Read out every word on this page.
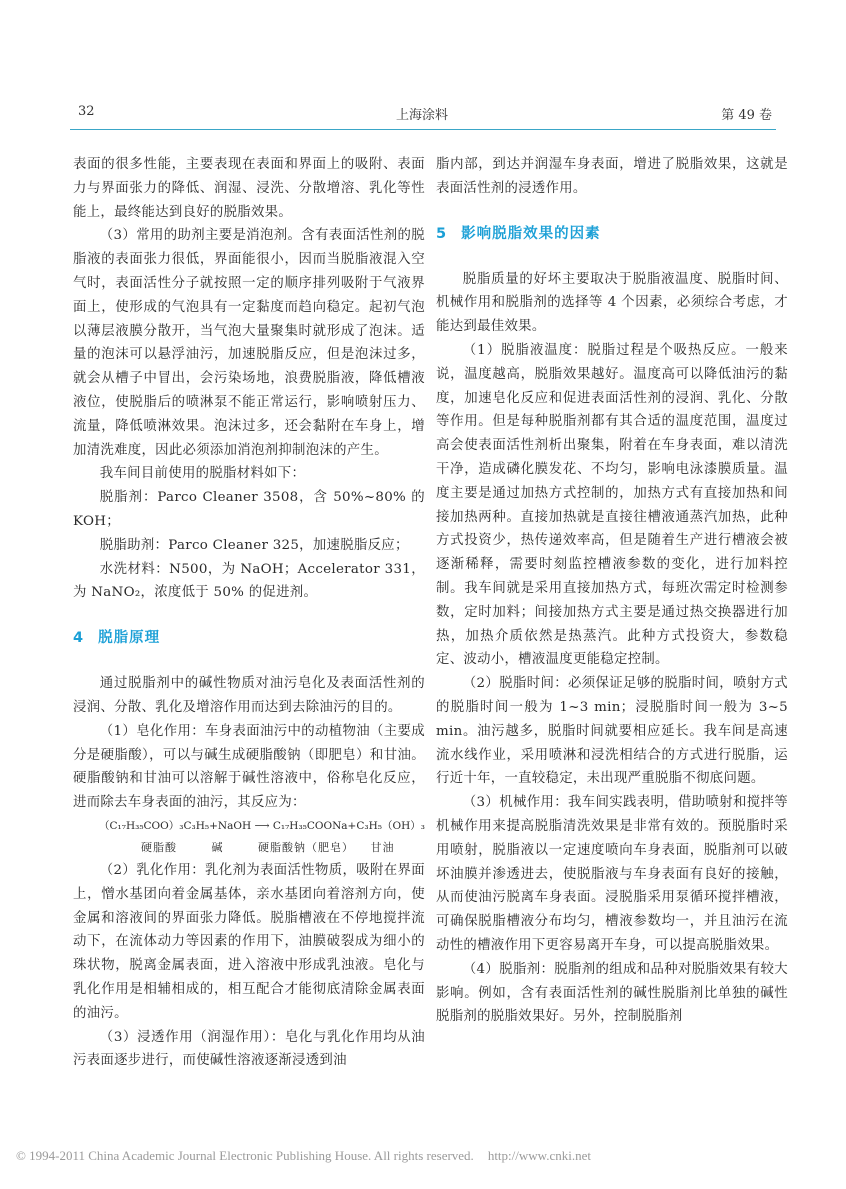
32	上海涂料	第 49 卷

表面的很多性能，主要表现在表面和界面上的吸附、表面力与界面张力的降低、润湿、浸洗、分散增溶、乳化等性能上，最终能达到良好的脱脂效果。

（3）常用的助剂主要是消泡剂。含有表面活性剂的脱脂液的表面张力很低，界面能很小，因而当脱脂液混入空气时，表面活性分子就按照一定的顺序排列吸附于气液界面上，使形成的气泡具有一定黏度而趋向稳定。起初气泡以薄层液膜分散开，当气泡大量聚集时就形成了泡沫。适量的泡沫可以悬浮油污，加速脱脂反应，但是泡沫过多，就会从槽子中冒出，会污染场地，浪费脱脂液，降低槽液液位，使脱脂后的喷淋泵不能正常运行，影响喷射压力、流量，降低喷淋效果。泡沫过多，还会黏附在车身上，增加清洗难度，因此必须添加消泡剂抑制泡沫的产生。

我车间目前使用的脱脂材料如下：

脱脂剂：Parco Cleaner 3508，含 50%~80% 的 KOH；

脱脂助剂：Parco Cleaner 325，加速脱脂反应；

水洗材料：N500，为 NaOH；Accelerator 331，为 NaNO₂，浓度低于 50% 的促进剂。

4 脱脂原理

通过脱脂剂中的碱性物质对油污皂化及表面活性剂的浸润、分散、乳化及增溶作用而达到去除油污的目的。

（1）皂化作用：车身表面油污中的动植物油（主要成分是硬脂酸），可以与碱生成硬脂酸钠（即肥皂）和甘油。硬脂酸钠和甘油可以溶解于碱性溶液中，俗称皂化反应，进而除去车身表面的油污，其反应为：

（C₁₇H₃₅COO）₃C₃H₅+NaOH ⟶ C₁₇H₃₅COONa+C₃H₅（OH）₃
硬脂酸	碱	硬脂酸钠（肥皂） 甘油

（2）乳化作用：乳化剂为表面活性物质，吸附在界面上，憎水基团向着金属基体，亲水基团向着溶剂方向，使金属和溶液间的界面张力降低。脱脂槽液在不停地搅拌流动下，在流体动力等因素的作用下，油膜破裂成为细小的珠状物，脱离金属表面，进入溶液中形成乳浊液。皂化与乳化作用是相辅相成的，相互配合才能彻底清除金属表面的油污。

（3）浸透作用（润湿作用）：皂化与乳化作用均从油污表面逐步进行，而使碱性溶液逐渐浸透到油

脂内部，到达并润湿车身表面，增进了脱脂效果，这就是表面活性剂的浸透作用。

5 影响脱脂效果的因素

脱脂质量的好坏主要取决于脱脂液温度、脱脂时间、机械作用和脱脂剂的选择等 4 个因素，必须综合考虑，才能达到最佳效果。

（1）脱脂液温度：脱脂过程是个吸热反应。一般来说，温度越高，脱脂效果越好。温度高可以降低油污的黏度，加速皂化反应和促进表面活性剂的浸润、乳化、分散等作用。但是每种脱脂剂都有其合适的温度范围，温度过高会使表面活性剂析出聚集，附着在车身表面，难以清洗干净，造成磷化膜发花、不均匀，影响电泳漆膜质量。温度主要是通过加热方式控制的，加热方式有直接加热和间接加热两种。直接加热就是直接往槽液通蒸汽加热，此种方式投资少，热传递效率高，但是随着生产进行槽液会被逐渐稀释，需要时刻监控槽液参数的变化，进行加料控制。我车间就是采用直接加热方式，每班次需定时检测参数，定时加料；间接加热方式主要是通过热交换器进行加热，加热介质依然是热蒸汽。此种方式投资大，参数稳定、波动小，槽液温度更能稳定控制。

（2）脱脂时间：必须保证足够的脱脂时间，喷射方式的脱脂时间一般为 1~3 min；浸脱脂时间一般为 3~5 min。油污越多，脱脂时间就要相应延长。我车间是高速流水线作业，采用喷淋和浸洗相结合的方式进行脱脂，运行近十年，一直较稳定，未出现严重脱脂不彻底问题。

（3）机械作用：我车间实践表明，借助喷射和搅拌等机械作用来提高脱脂清洗效果是非常有效的。预脱脂时采用喷射，脱脂液以一定速度喷向车身表面，脱脂剂可以破坏油膜并渗透进去，使脱脂液与车身表面有良好的接触，从而使油污脱离车身表面。浸脱脂采用泵循环搅拌槽液，可确保脱脂槽液分布均匀，槽液参数均一，并且油污在流动性的槽液作用下更容易离开车身，可以提高脱脂效果。

（4）脱脂剂：脱脂剂的组成和品种对脱脂效果有较大影响。例如，含有表面活性剂的碱性脱脂剂比单独的碱性脱脂剂的脱脂效果好。另外，控制脱脂剂

© 1994-2011 China Academic Journal Electronic Publishing House. All rights reserved. http://www.cnki.net
